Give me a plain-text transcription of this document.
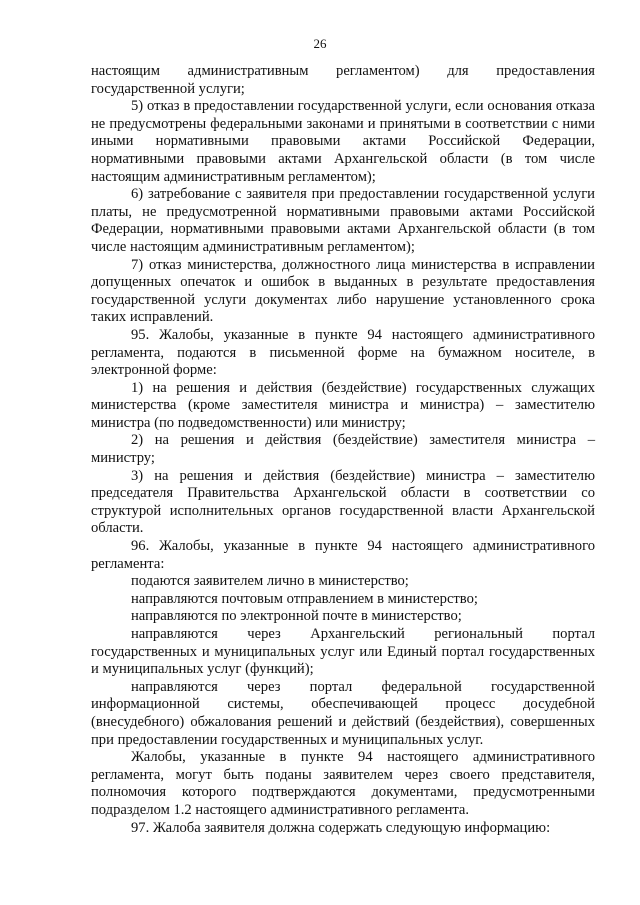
26

настоящим административным регламентом) для предоставления государственной услуги;

5) отказ в предоставлении государственной услуги, если основания отказа не предусмотрены федеральными законами и принятыми в соответствии с ними иными нормативными правовыми актами Российской Федерации, нормативными правовыми актами Архангельской области (в том числе настоящим административным регламентом);

6) затребование с заявителя при предоставлении государственной услуги платы, не предусмотренной нормативными правовыми актами Российской Федерации, нормативными правовыми актами Архангельской области (в том числе настоящим административным регламентом);

7) отказ министерства, должностного лица министерства в исправлении допущенных опечаток и ошибок в выданных в результате предоставления государственной услуги документах либо нарушение установленного срока таких исправлений.

95. Жалобы, указанные в пункте 94 настоящего административного регламента, подаются в письменной форме на бумажном носителе, в электронной форме:

1) на решения и действия (бездействие) государственных служащих министерства (кроме заместителя министра и министра) – заместителю министра (по подведомственности) или министру;

2) на решения и действия (бездействие) заместителя министра – министру;

3) на решения и действия (бездействие) министра – заместителю председателя Правительства Архангельской области в соответствии со структурой исполнительных органов государственной власти Архангельской области.

96. Жалобы, указанные в пункте 94 настоящего административного регламента:

подаются заявителем лично в министерство;

направляются почтовым отправлением в министерство;

направляются по электронной почте в министерство;

направляются через Архангельский региональный портал государственных и муниципальных услуг или Единый портал государственных и муниципальных услуг (функций);

направляются через портал федеральной государственной информационной системы, обеспечивающей процесс досудебной (внесудебного) обжалования решений и действий (бездействия), совершенных при предоставлении государственных и муниципальных услуг.

Жалобы, указанные в пункте 94 настоящего административного регламента, могут быть поданы заявителем через своего представителя, полномочия которого подтверждаются документами, предусмотренными подразделом 1.2 настоящего административного регламента.

97. Жалоба заявителя должна содержать следующую информацию:
